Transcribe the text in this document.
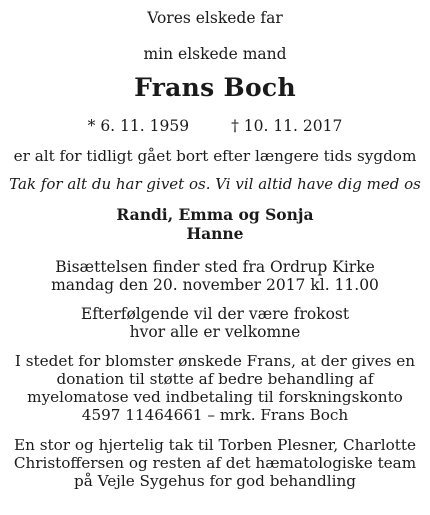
Vores elskede far
min elskede mand
Frans Boch
* 6. 11. 1959	† 10. 11. 2017
er alt for tidligt gået bort efter længere tids sygdom
Tak for alt du har givet os. Vi vil altid have dig med os
Randi, Emma og Sonja
Hanne
Bisættelsen finder sted fra Ordrup Kirke
mandag den 20. november 2017 kl. 11.00
Efterfølgende vil der være frokost
hvor alle er velkomne
I stedet for blomster ønskede Frans, at der gives en
donation til støtte af bedre behandling af
myelomatose ved indbetaling til forskningskonto
4597 11464661 – mrk. Frans Boch
En stor og hjertelig tak til Torben Plesner, Charlotte
Christoffersen og resten af det hæmatologiske team
på Vejle Sygehus for god behandling
